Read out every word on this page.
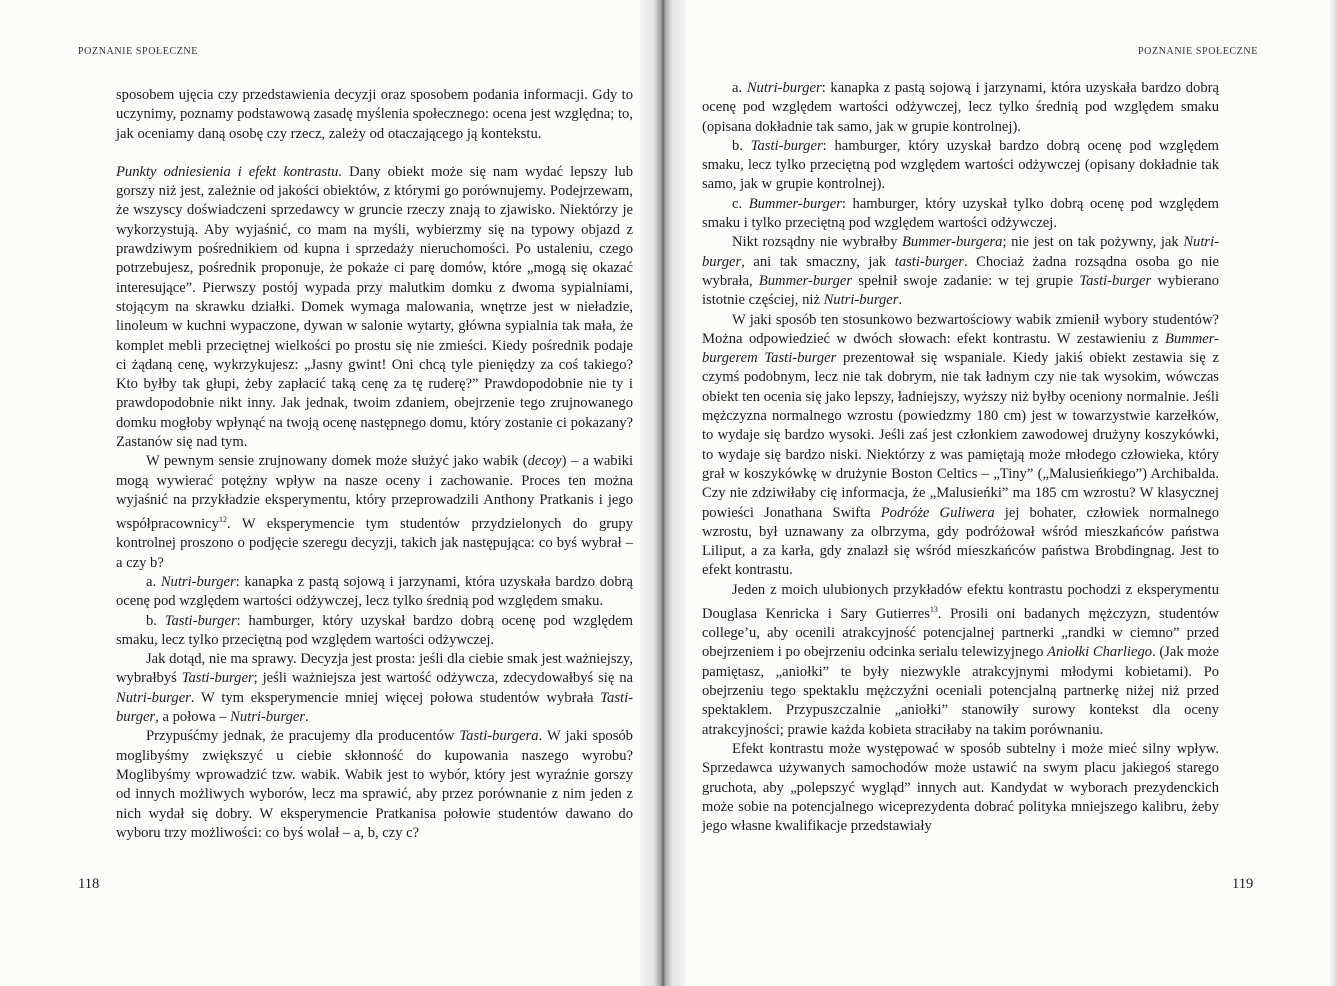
POZNANIE SPOŁECZNE	POZNANIE SPOŁECZNE

sposobem ujęcia czy przedstawienia decyzji oraz sposobem podania informacji. Gdy to uczynimy, poznamy podstawową zasadę myślenia społecznego: ocena jest względna; to, jak oceniamy daną osobę czy rzecz, zależy od otaczającego ją kontekstu.

Punkty odniesienia i efekt kontrastu. Dany obiekt może się nam wydać lepszy lub gorszy niż jest, zależnie od jakości obiektów, z którymi go porównujemy. Podejrzewam, że wszyscy doświadczeni sprzedawcy w gruncie rzeczy znają to zjawisko. Niektórzy je wykorzystują. Aby wyjaśnić, co mam na myśli, wybierzmy się na typowy objazd z prawdziwym pośrednikiem od kupna i sprzedaży nieruchomości. Po ustaleniu, czego potrzebujesz, pośrednik proponuje, że pokaże ci parę domów, które „mogą się okazać interesujące”. Pierwszy postój wypada przy malutkim domku z dwoma sypialniami, stojącym na skrawku działki. Domek wymaga malowania, wnętrze jest w nieładzie, linoleum w kuchni wypaczone, dywan w salonie wytarty, główna sypialnia tak mała, że komplet mebli przeciętnej wielkości po prostu się nie zmieści. Kiedy pośrednik podaje ci żądaną cenę, wykrzykujesz: „Jasny gwint! Oni chcą tyle pieniędzy za coś takiego? Kto byłby tak głupi, żeby zapłacić taką cenę za tę ruderę?” Prawdopodobnie nie ty i prawdopodobnie nikt inny. Jak jednak, twoim zdaniem, obejrzenie tego zrujnowanego domku mogłoby wpłynąć na twoją ocenę następnego domu, który zostanie ci pokazany? Zastanów się nad tym.

W pewnym sensie zrujnowany domek może służyć jako wabik (decoy) – a wabiki mogą wywierać potężny wpływ na nasze oceny i zachowanie. Proces ten można wyjaśnić na przykładzie eksperymentu, który przeprowadzili Anthony Pratkanis i jego współpracownicy$^{12}$. W eksperymencie tym studentów przydzielonych do grupy kontrolnej proszono o podjęcie szeregu decyzji, takich jak następująca: co byś wybrał – a czy b?

a. Nutri-burger: kanapka z pastą sojową i jarzynami, która uzyskała bardzo dobrą ocenę pod względem wartości odżywczej, lecz tylko średnią pod względem smaku.

b. Tasti-burger: hamburger, który uzyskał bardzo dobrą ocenę pod względem smaku, lecz tylko przeciętną pod względem wartości odżywczej.

Jak dotąd, nie ma sprawy. Decyzja jest prosta: jeśli dla ciebie smak jest ważniejszy, wybrałbyś Tasti-burger; jeśli ważniejsza jest wartość odżywcza, zdecydowałbyś się na Nutri-burger. W tym eksperymencie mniej więcej połowa studentów wybrała Tasti-burger, a połowa – Nutri-burger.

Przypuśćmy jednak, że pracujemy dla producentów Tasti-burgera. W jaki sposób moglibyśmy zwiększyć u ciebie skłonność do kupowania naszego wyrobu? Moglibyśmy wprowadzić tzw. wabik. Wabik jest to wybór, który jest wyraźnie gorszy od innych możliwych wyborów, lecz ma sprawić, aby przez porównanie z nim jeden z nich wydał się dobry. W eksperymencie Pratkanisa połowie studentów dawano do wyboru trzy możliwości: co byś wolał – a, b, czy c?

a. Nutri-burger: kanapka z pastą sojową i jarzynami, która uzyskała bardzo dobrą ocenę pod względem wartości odżywczej, lecz tylko średnią pod względem smaku (opisana dokładnie tak samo, jak w grupie kontrolnej).

b. Tasti-burger: hamburger, który uzyskał bardzo dobrą ocenę pod względem smaku, lecz tylko przeciętną pod względem wartości odżywczej (opisany dokładnie tak samo, jak w grupie kontrolnej).

c. Bummer-burger: hamburger, który uzyskał tylko dobrą ocenę pod względem smaku i tylko przeciętną pod względem wartości odżywczej.

Nikt rozsądny nie wybrałby Bummer-burgera; nie jest on tak pożywny, jak Nutri-burger, ani tak smaczny, jak tasti-burger. Chociaż żadna rozsądna osoba go nie wybrała, Bummer-burger spełnił swoje zadanie: w tej grupie Tasti-burger wybierano istotnie częściej, niż Nutri-burger.

W jaki sposób ten stosunkowo bezwartościowy wabik zmienił wybory studentów? Można odpowiedzieć w dwóch słowach: efekt kontrastu. W zestawieniu z Bummer-burgerem Tasti-burger prezentował się wspaniale. Kiedy jakiś obiekt zestawia się z czymś podobnym, lecz nie tak dobrym, nie tak ładnym czy nie tak wysokim, wówczas obiekt ten ocenia się jako lepszy, ładniejszy, wyższy niż byłby oceniony normalnie. Jeśli mężczyzna normalnego wzrostu (powiedzmy 180 cm) jest w towarzystwie karzełków, to wydaje się bardzo wysoki. Jeśli zaś jest członkiem zawodowej drużyny koszykówki, to wydaje się bardzo niski. Niektórzy z was pamiętają może młodego człowieka, który grał w koszykówkę w drużynie Boston Celtics – „Tiny” („Malusieńkiego”) Archibalda. Czy nie zdziwiłaby cię informacja, że „Malusieńki” ma 185 cm wzrostu? W klasycznej powieści Jonathana Swifta Podróże Guliwera jej bohater, człowiek normalnego wzrostu, był uznawany za olbrzyma, gdy podróżował wśród mieszkańców państwa Liliput, a za karła, gdy znalazł się wśród mieszkańców państwa Brobdingnag. Jest to efekt kontrastu.

Jeden z moich ulubionych przykładów efektu kontrastu pochodzi z eksperymentu Douglasa Kenricka i Sary Gutierres$^{13}$. Prosili oni badanych mężczyzn, studentów college’u, aby ocenili atrakcyjność potencjalnej partnerki „randki w ciemno” przed obejrzeniem i po obejrzeniu odcinka serialu telewizyjnego Aniołki Charliego. (Jak może pamiętasz, „aniołki” te były niezwykle atrakcyjnymi młodymi kobietami). Po obejrzeniu tego spektaklu mężczyźni oceniali potencjalną partnerkę niżej niż przed spektaklem. Przypuszczalnie „aniołki” stanowiły surowy kontekst dla oceny atrakcyjności; prawie każda kobieta straciłaby na takim porównaniu.

Efekt kontrastu może występować w sposób subtelny i może mieć silny wpływ. Sprzedawca używanych samochodów może ustawić na swym placu jakiegoś starego gruchota, aby „polepszyć wygląd” innych aut. Kandydat w wyborach prezydenckich może sobie na potencjalnego wiceprezydenta dobrać polityka mniejszego kalibru, żeby jego własne kwalifikacje przedstawiały

118	119
